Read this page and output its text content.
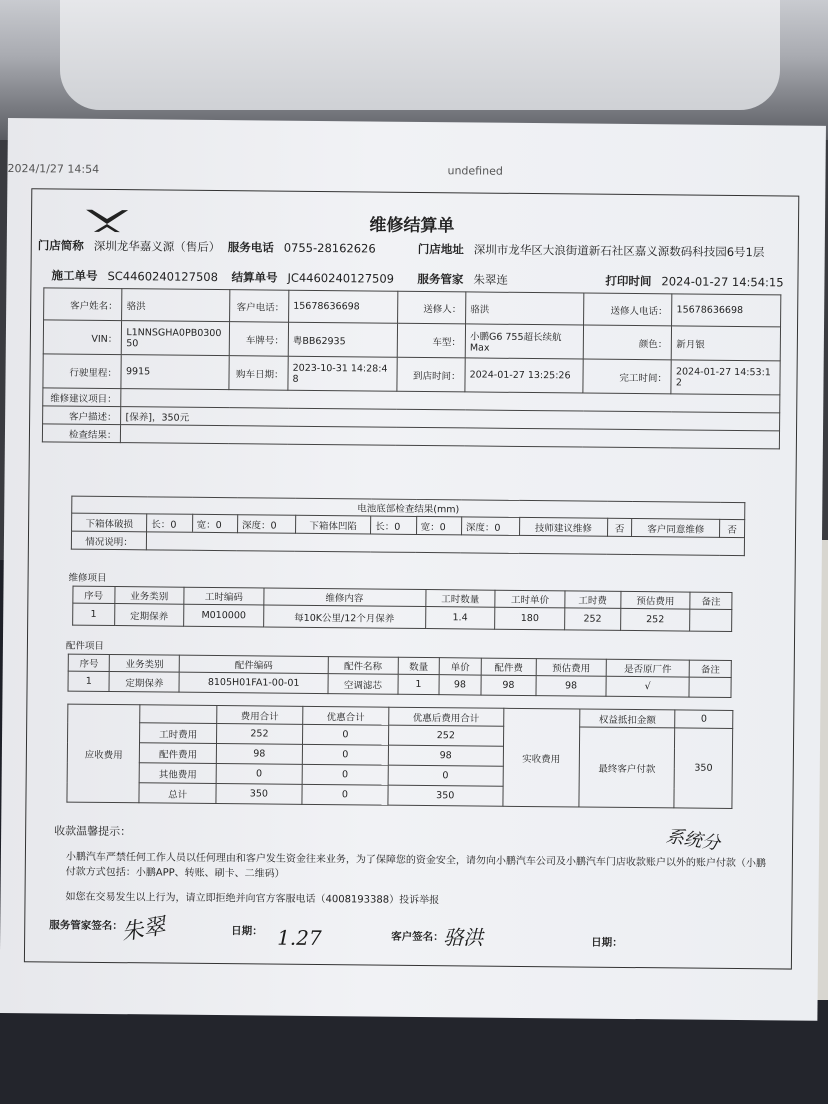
2024/1/27 14:54	undefined
维修结算单
门店简称 深圳龙华嘉义源（售后） 服务电话 0755-28162626	门店地址 深圳市龙华区大浪街道新石社区嘉义源数码科技园6号1层
施工单号 SC4460240127508 结算单号 JC4460240127509 服务管家 朱翠连	打印时间 2024-01-27 14:54:15
客户姓名：	骆洪	客户电话：	15678636698	送修人：	骆洪	送修人电话：	15678636698
VIN：	L1NNSGHA0PB030050	车牌号：	粤BB62935	车型：	小鹏G6 755超长续航Max	颜色：	新月银
行驶里程：	9915	购车日期：	2023-10-31 14:28:48	到店时间：	2024-01-27 13:25:26	完工时间：	2024-01-27 14:53:12
维修建议项目：							
客户描述：	[保养]，350元						
检查结果：							
电池底部检查结果(mm)											
下箱体破损	长：0	宽：0	深度：0	下箱体凹陷	长：0	宽：0	深度：0	技师建议维修	否	客户同意维修	否
情况说明：											
维修项目
序号	业务类别	工时编码	维修内容	工时数量	工时单价	工时费	预估费用	备注
1	定期保养	M010000	每10K公里/12个月保养	1.4	180	252	252	
配件项目
序号	业务类别	配件编码	配件名称	数量	单价	配件费	预估费用	是否原厂件	备注
1	定期保养	8105H01FA1-00-01	空调滤芯	1	98	98	98	√	
应收费用		费用合计	优惠合计	优惠后费用合计	实收费用	权益抵扣金额	0
	工时费用	252	0	252		最终客户付款	350
	配件费用	98	0	98			
	其他费用	0	0	0			
	总计	350	0	350			
收款温馨提示：
小鹏汽车严禁任何工作人员以任何理由和客户发生资金往来业务，为了保障您的资金安全，请勿向小鹏汽车公司及小鹏汽车门店收款账户以外的账户付款（小鹏付款方式包括：小鹏APP、转账、刷卡、二维码）
如您在交易发生以上行为，请立即拒绝并向官方客服电话（4008193388）投诉举报
系统分
服务管家签名：
朱翠	日期： 1.27	客户签名： 骆洪	日期：
